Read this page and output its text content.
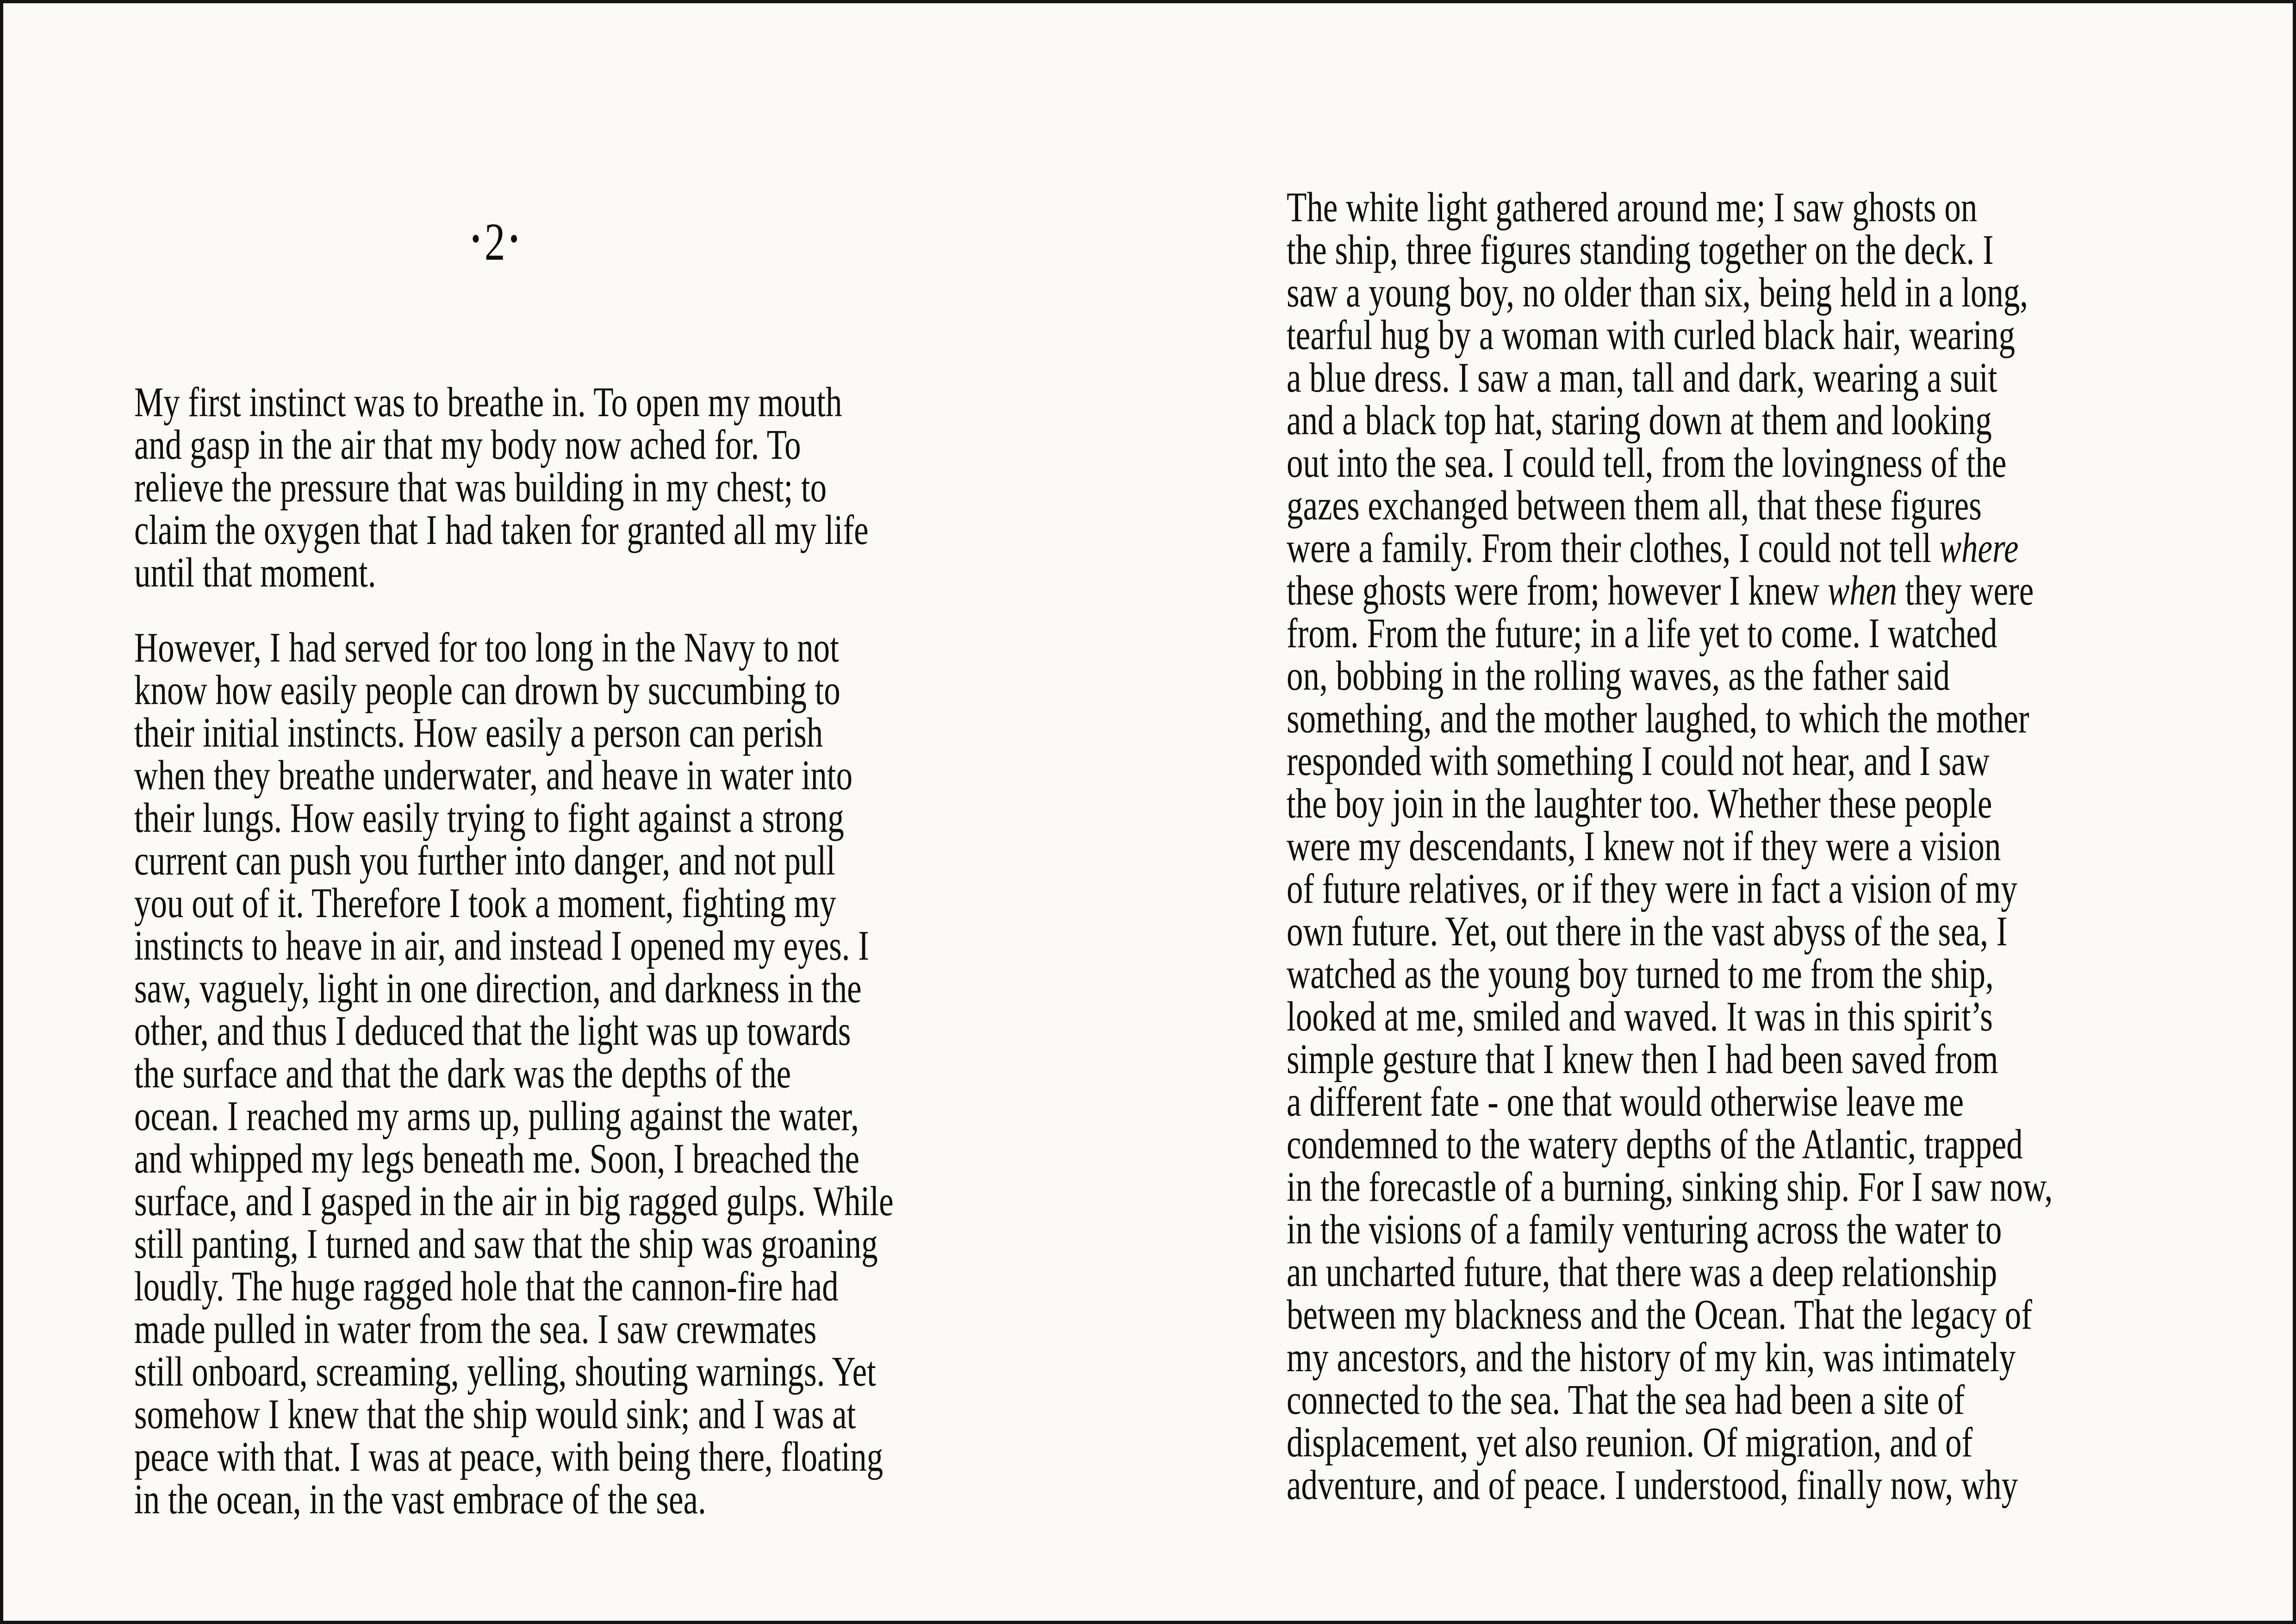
•2 •
My first instinct was to breathe in. To open my mouth
and gasp in the air that my body now ached for. To
relieve the pressure that was building in my chest; to
claim the oxygen that I had taken for granted all my life
until that moment.
However, I had served for too long in the Navy to not
know how easily people can drown by succumbing to
their initial instincts. How easily a person can perish
when they breathe underwater, and heave in water into
their lungs. How easily trying to fight against a strong
current can push you further into danger, and not pull
you out of it. Therefore I took a moment, fighting my
instincts to heave in air, and instead I opened my eyes. I
saw, vaguely, light in one direction, and darkness in the
other, and thus I deduced that the light was up towards
the surface and that the dark was the depths of the
ocean. I reached my arms up, pulling against the water,
and whipped my legs beneath me. Soon, I breached the
surface, and I gasped in the air in big ragged gulps. While
still panting, I turned and saw that the ship was groaning
loudly. The huge ragged hole that the cannon-fire had
made pulled in water from the sea. I saw crewmates
still onboard, screaming, yelling, shouting warnings. Yet
somehow I knew that the ship would sink; and I was at
peace with that. I was at peace, with being there, floating
in the ocean, in the vast embrace of the sea.
The white light gathered around me; I saw ghosts on
the ship, three figures standing together on the deck. I
saw a young boy, no older than six, being held in a long,
tearful hug by a woman with curled black hair, wearing
a blue dress. I saw a man, tall and dark, wearing a suit
and a black top hat, staring down at them and looking
out into the sea. I could tell, from the lovingness of the
gazes exchanged between them all, that these figures
were a family. From their clothes, I could not tell where
these ghosts were from; however I knew when they were
from. From the future; in a life yet to come. I watched
on, bobbing in the rolling waves, as the father said
something, and the mother laughed, to which the mother
responded with something I could not hear, and I saw
the boy join in the laughter too. Whether these people
were my descendants, I knew not if they were a vision
of future relatives, or if they were in fact a vision of my
own future. Yet, out there in the vast abyss of the sea, I
watched as the young boy turned to me from the ship,
looked at me, smiled and waved. It was in this spirit’s
simple gesture that I knew then I had been saved from
a different fate - one that would otherwise leave me
condemned to the watery depths of the Atlantic, trapped
in the forecastle of a burning, sinking ship. For I saw now,
in the visions of a family venturing across the water to
an uncharted future, that there was a deep relationship
between my blackness and the Ocean. That the legacy of
my ancestors, and the history of my kin, was intimately
connected to the sea. That the sea had been a site of
displacement, yet also reunion. Of migration, and of
adventure, and of peace. I understood, finally now, why
